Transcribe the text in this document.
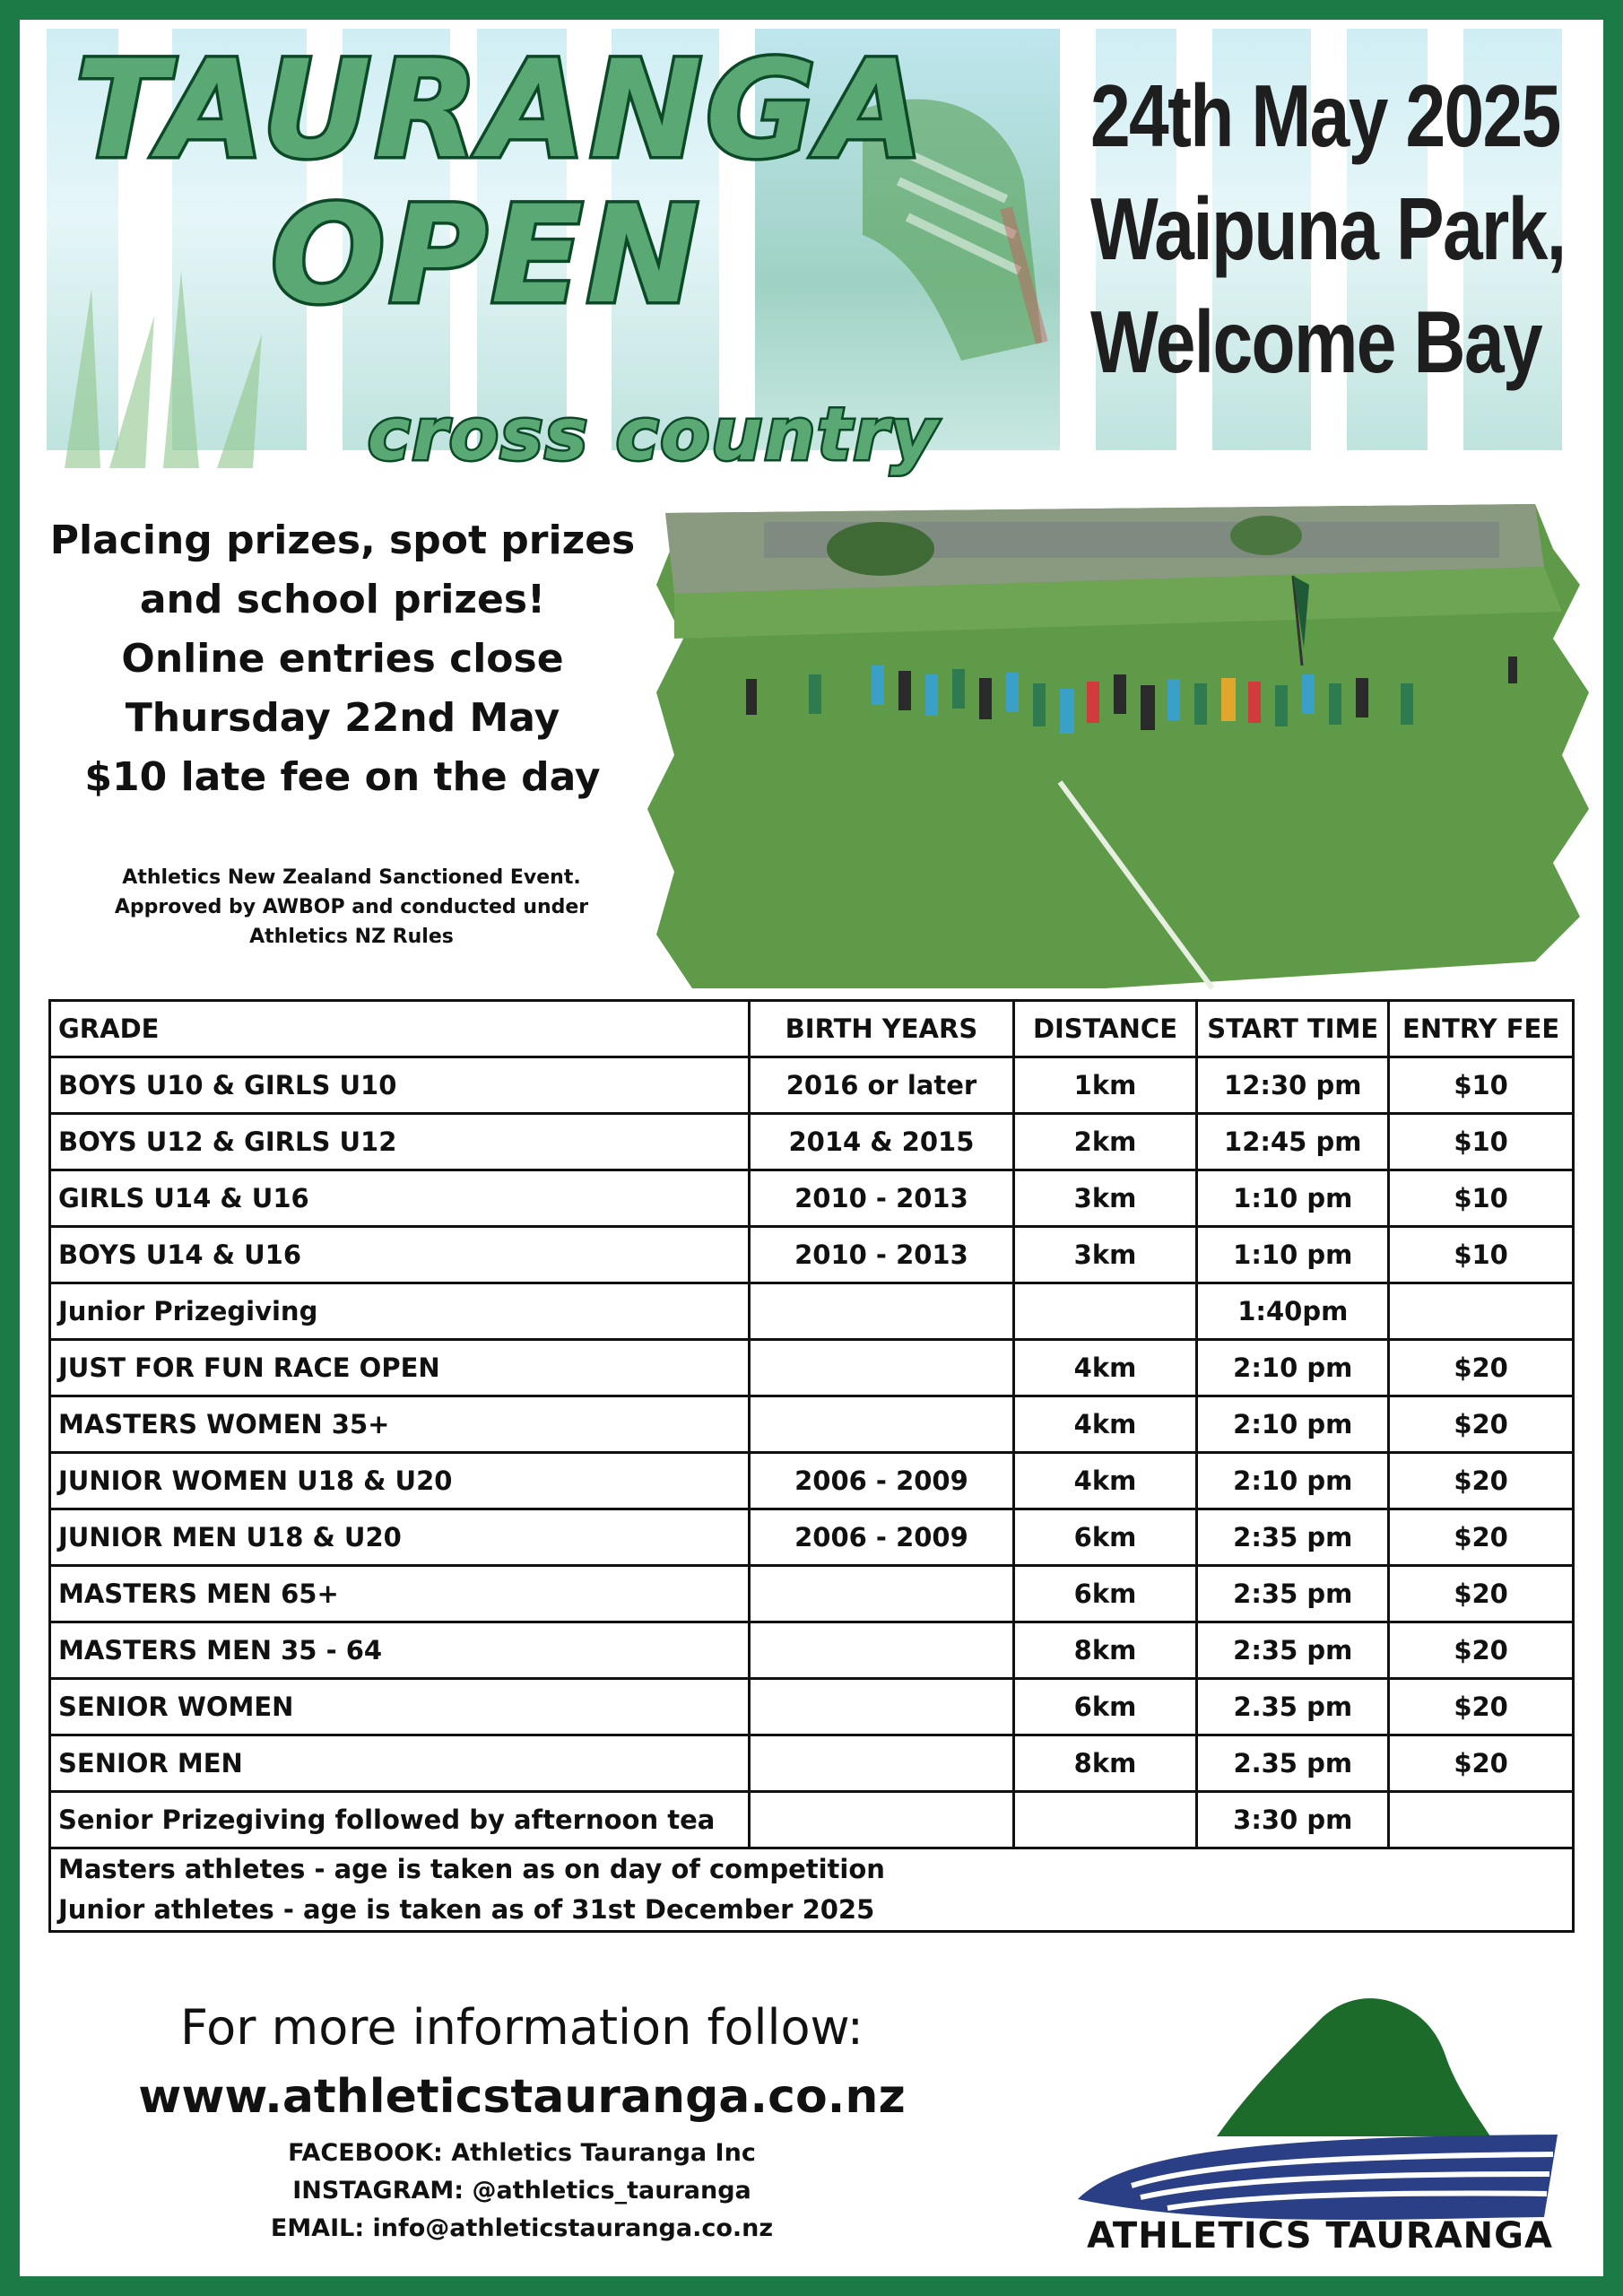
TAURANGA
OPEN
cross country
24th May 2025
Waipuna Park,
Welcome Bay
Placing prizes, spot prizes
and school prizes!
Online entries close
Thursday 22nd May
$10 late fee on the day
Athletics New Zealand Sanctioned Event.
Approved by AWBOP and conducted under
Athletics NZ Rules
GRADE	BIRTH YEARS	DISTANCE	START TIME	ENTRY FEE
BOYS U10 & GIRLS U10	2016 or later	1km	12:30 pm	$10
BOYS U12 & GIRLS U12	2014 & 2015	2km	12:45 pm	$10
GIRLS U14 & U16	2010 - 2013	3km	1:10 pm	$10
BOYS U14 & U16	2010 - 2013	3km	1:10 pm	$10
Junior Prizegiving			1:40pm	
JUST FOR FUN RACE OPEN		4km	2:10 pm	$20
MASTERS WOMEN 35+		4km	2:10 pm	$20
JUNIOR WOMEN U18 & U20	2006 - 2009	4km	2:10 pm	$20
JUNIOR MEN U18 & U20	2006 - 2009	6km	2:35 pm	$20
MASTERS MEN 65+		6km	2:35 pm	$20
MASTERS MEN 35 - 64		8km	2:35 pm	$20
SENIOR WOMEN		6km	2.35 pm	$20
SENIOR MEN		8km	2.35 pm	$20
Senior Prizegiving followed by afternoon tea			3:30 pm	

Masters athletes - age is taken as on day of competition
Junior athletes - age is taken as of 31st December 2025				
For more information follow:
www.athleticstauranga.co.nz
FACEBOOK: Athletics Tauranga Inc
INSTAGRAM: @athletics_tauranga
EMAIL: info@athleticstauranga.co.nz	ATHLETICS TAURANGA
